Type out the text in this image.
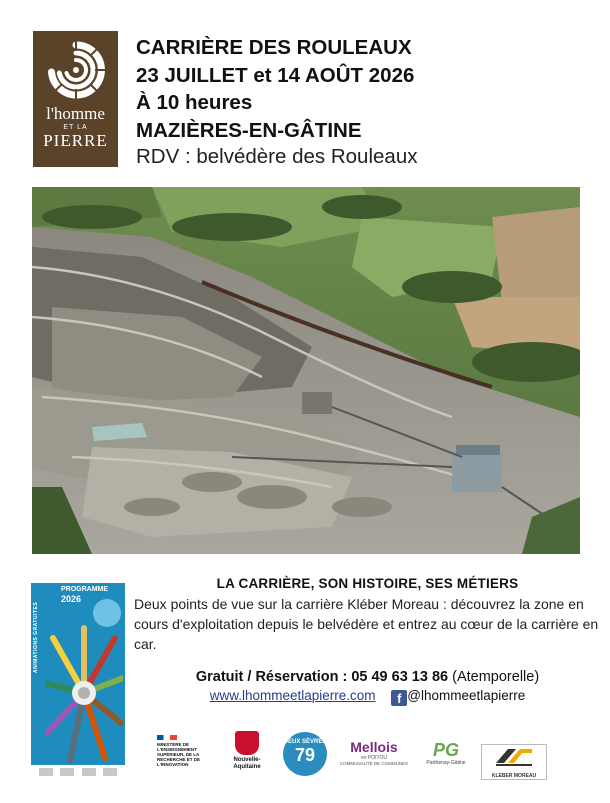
l'homme
ET LA
PIERRE
CARRIÈRE DES ROULEAUX
23 JUILLET et 14 AOÛT 2026
À 10 heures
MAZIÈRES-EN-GÂTINE
RDV : belvédère des Rouleaux
PROGRAMME
2026
ANIMATIONS GRATUITES
LA CARRIÈRE, SON HISTOIRE, SES MÉTIERS
Deux points de vue sur la carrière Kléber Moreau : découvrez la zone en cours d'exploitation depuis le belvédère et entrez au cœur de la carrière en car.
Gratuit / Réservation : 05 49 63 13 86 (Atemporelle)
www.lhommeetlapierre.com f @lhommeetlapierre
MINISTÈRE DE L'ENSEIGNEMENT SUPÉRIEUR, DE LA RECHERCHE ET DE L'INNOVATION
Nouvelle-Aquitaine
DEUX SÈVRES
79	Mellois
en POITOU
COMMUNAUTÉ DE COMMUNES
PG
Parthenay-Gâtine
KLEBER MOREAU
